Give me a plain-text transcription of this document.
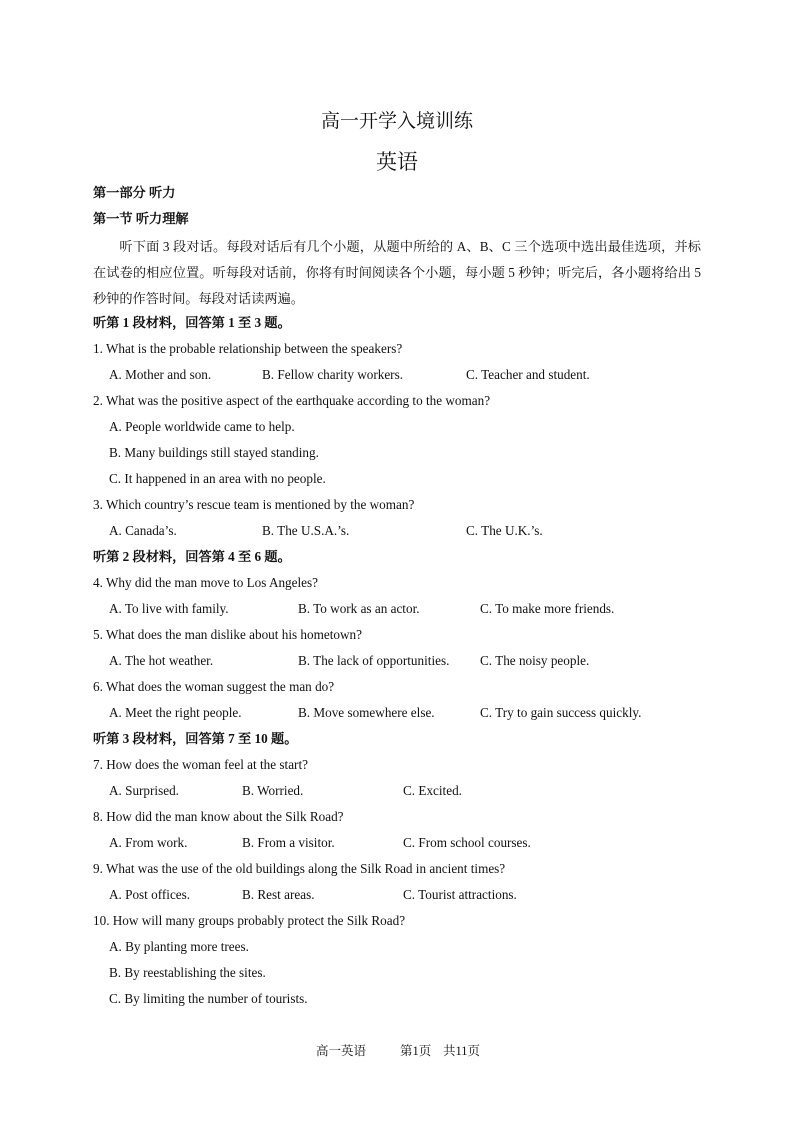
高一开学入境训练
英语
第一部分 听力
第一节 听力理解
听下面 3 段对话。每段对话后有几个小题，从题中所给的 A、B、C 三个选项中选出最佳选项，并标在试卷的相应位置。听每段对话前，你将有时间阅读各个小题，每小题 5 秒钟；听完后，各小题将给出 5 秒钟的作答时间。每段对话读两遍。
听第 1 段材料，回答第 1 至 3 题。
1. What is the probable relationship between the speakers?
A. Mother and son.	B. Fellow charity workers.	C. Teacher and student.
2. What was the positive aspect of the earthquake according to the woman?
A. People worldwide came to help.
B. Many buildings still stayed standing.
C. It happened in an area with no people.
3. Which country’s rescue team is mentioned by the woman?
A. Canada’s.	B. The U.S.A.’s.	C. The U.K.’s.
听第 2 段材料，回答第 4 至 6 题。
4. Why did the man move to Los Angeles?
A. To live with family.	B. To work as an actor.	C. To make more friends.
5. What does the man dislike about his hometown?
A. The hot weather.	B. The lack of opportunities. C. The noisy people.
6. What does the woman suggest the man do?
A. Meet the right people.	B. Move somewhere else.	C. Try to gain success quickly.
听第 3 段材料，回答第 7 至 10 题。
7. How does the woman feel at the start?
A. Surprised.	B. Worried.	C. Excited.
8. How did the man know about the Silk Road?
A. From work.	B. From a visitor.	C. From school courses.
9. What was the use of the old buildings along the Silk Road in ancient times?
A. Post offices.	B. Rest areas.	C. Tourist attractions.
10. How will many groups probably protect the Silk Road?
A. By planting more trees.
B. By reestablishing the sites.
C. By limiting the number of tourists.
高一英语	第1页 共11页
